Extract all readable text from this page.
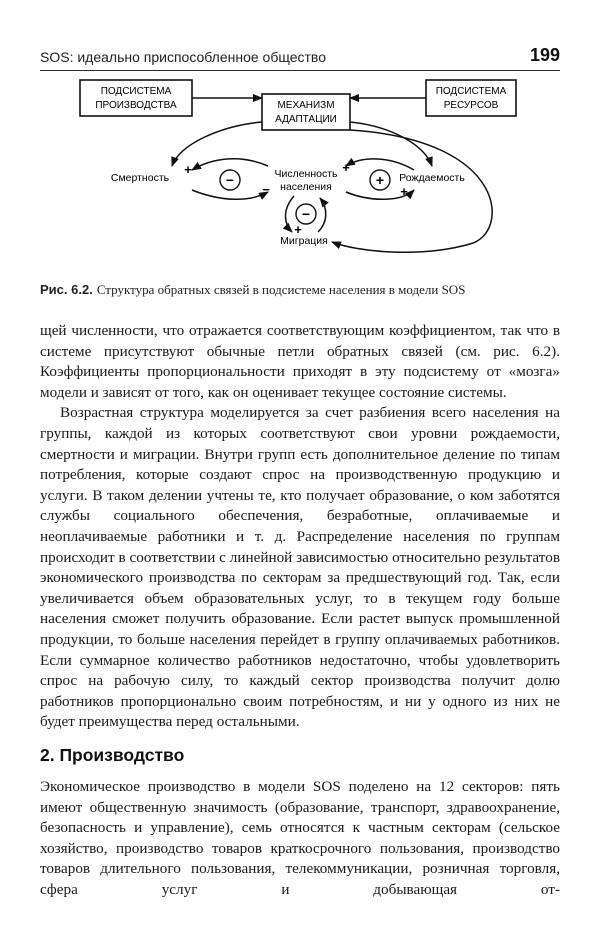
SOS: идеально приспособленное общество	199
ПОДСИСТЕМА
ПРОИЗВОДСТВА	МЕХАНИЗМ
АДАПТАЦИИ
ПОДСИСТЕМА
РЕСУРСОВ
Смертность	Численность
населения
Рождаемость
Миграция
−	+
−
+
−
+
+
+
Рис. 6.2. Структура обратных связей в подсистеме населения в модели SOS

щей численности, что отражается соответствующим коэффициентом, так что в системе присутствуют обычные петли обратных связей (см. рис. 6.2). Коэффициенты пропорциональности приходят в эту подсистему от «мозга» модели и зависят от того, как он оценивает текущее состояние системы.

Возрастная структура моделируется за счет разбиения всего населения на группы, каждой из которых соответствуют свои уровни рождаемости, смертности и миграции. Внутри групп есть дополнительное деление по типам потребления, которые создают спрос на производственную продукцию и услуги. В таком делении учтены те, кто получает образование, о ком заботятся службы социального обеспечения, безработные, оплачиваемые и неоплачиваемые работники и т. д. Распределение населения по группам происходит в соответствии с линейной зависимостью относительно результатов экономического производства по секторам за предшествующий год. Так, если увеличивается объем образовательных услуг, то в текущем году больше населения сможет получить образование. Если растет выпуск промышленной продукции, то больше населения перейдет в группу оплачиваемых работников. Если суммарное количество работников недостаточно, чтобы удовлетворить спрос на рабочую силу, то каждый сектор производства получит долю работников пропорционально своим потребностям, и ни у одного из них не будет преимущества перед остальными.

2. Производство

Экономическое производство в модели SOS поделено на 12 секторов: пять имеют общественную значимость (образование, транспорт, здравоохранение, безопасность и управление), семь относятся к частным секторам (сельское хозяйство, производство товаров краткосрочного пользования, производство товаров длительного пользования, телекоммуникации, розничная торговля, сфера услуг и добывающая от-
